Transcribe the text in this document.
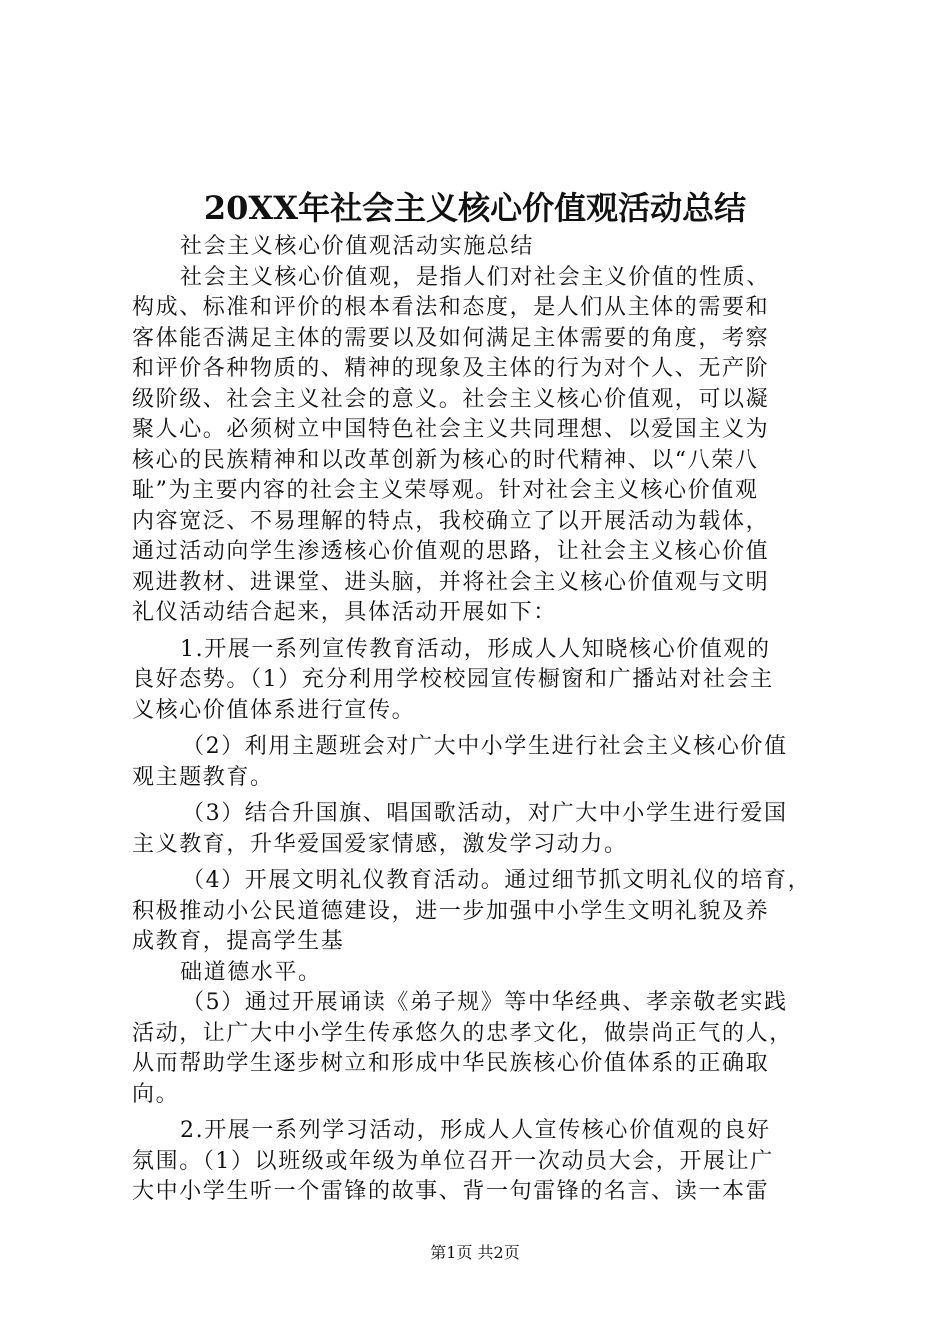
20XX年社会主义核心价值观活动总结
社会主义核心价值观活动实施总结
社会主义核心价值观，是指人们对社会主义价值的性质、
构成、标准和评价的根本看法和态度，是人们从主体的需要和
客体能否满足主体的需要以及如何满足主体需要的角度，考察
和评价各种物质的、精神的现象及主体的行为对个人、无产阶
级阶级、社会主义社会的意义。社会主义核心价值观，可以凝
聚人心。必须树立中国特色社会主义共同理想、以爱国主义为
核心的民族精神和以改革创新为核心的时代精神、以“八荣八
耻”为主要内容的社会主义荣辱观。针对社会主义核心价值观
内容宽泛、不易理解的特点，我校确立了以开展活动为载体，
通过活动向学生渗透核心价值观的思路，让社会主义核心价值
观进教材、进课堂、进头脑，并将社会主义核心价值观与文明
礼仪活动结合起来，具体活动开展如下：
1.开展一系列宣传教育活动，形成人人知晓核心价值观的
良好态势。（1）充分利用学校校园宣传橱窗和广播站对社会主
义核心价值体系进行宣传。
（2）利用主题班会对广大中小学生进行社会主义核心价值
观主题教育。
（3）结合升国旗、唱国歌活动，对广大中小学生进行爱国
主义教育，升华爱国爱家情感，激发学习动力。
（4）开展文明礼仪教育活动。通过细节抓文明礼仪的培育，
积极推动小公民道德建设，进一步加强中小学生文明礼貌及养
成教育，提高学生基
础道德水平。
（5）通过开展诵读《弟子规》等中华经典、孝亲敬老实践
活动，让广大中小学生传承悠久的忠孝文化，做崇尚正气的人，
从而帮助学生逐步树立和形成中华民族核心价值体系的正确取
向。
2.开展一系列学习活动，形成人人宣传核心价值观的良好
氛围。（1）以班级或年级为单位召开一次动员大会，开展让广
大中小学生听一个雷锋的故事、背一句雷锋的名言、读一本雷
第1页 共2页
